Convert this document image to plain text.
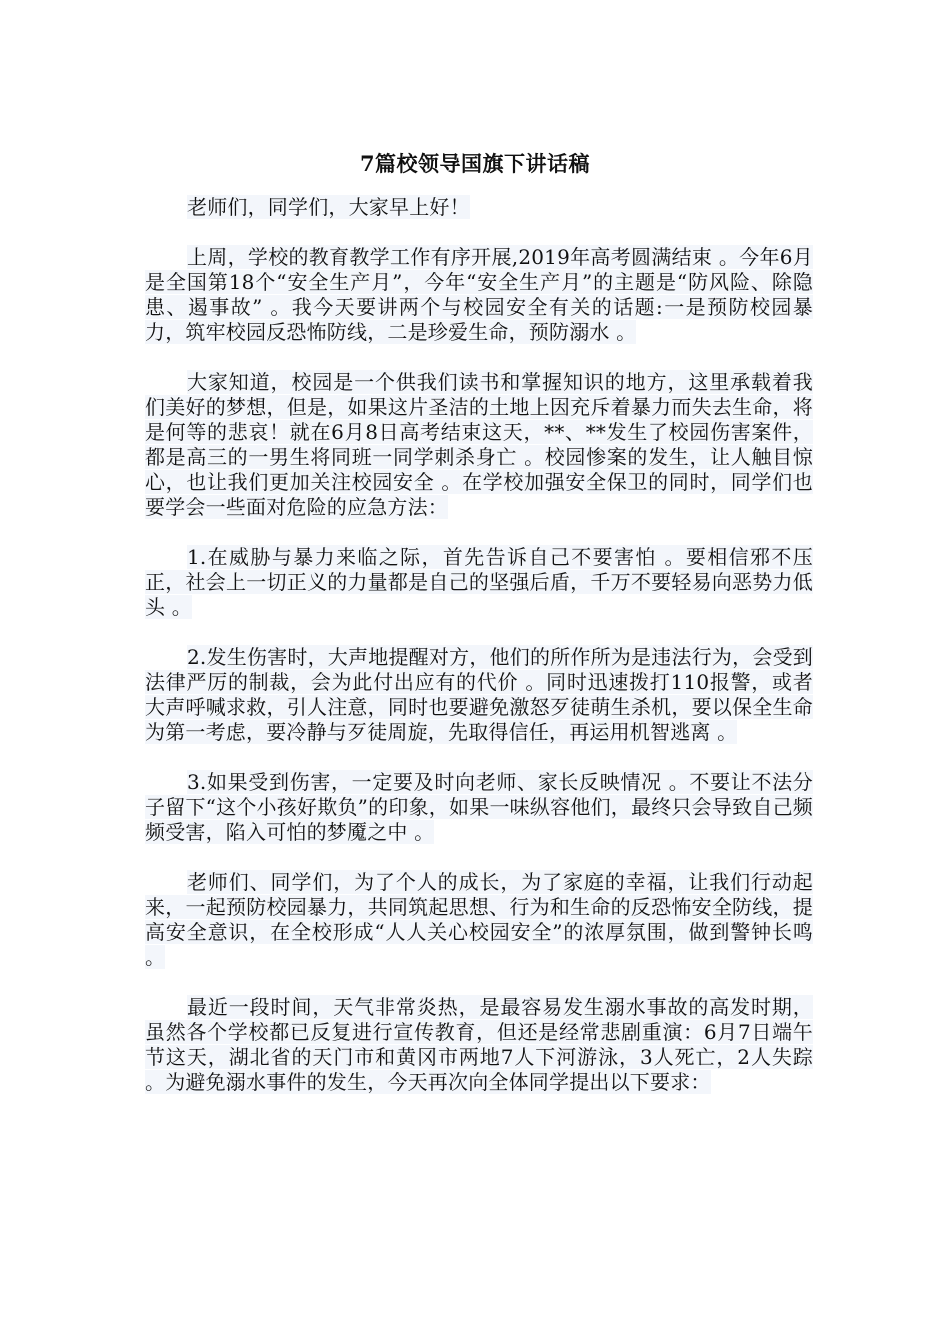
7篇校领导国旗下讲话稿

老师们，同学们，大家早上好！

上周，学校的教育教学工作有序开展,2019年高考圆满结束 。今年6月是全国第18个“安全生产月”，今年“安全生产月”的主题是“防风险、除隐患、遏事故” 。我今天要讲两个与校园安全有关的话题:一是预防校园暴力，筑牢校园反恐怖防线，二是珍爱生命，预防溺水 。

大家知道，校园是一个供我们读书和掌握知识的地方，这里承载着我们美好的梦想，但是，如果这片圣洁的土地上因充斥着暴力而失去生命，将是何等的悲哀！就在6月8日高考结束这天，**、**发生了校园伤害案件，都是高三的一男生将同班一同学刺杀身亡 。校园惨案的发生，让人触目惊心，也让我们更加关注校园安全 。在学校加强安全保卫的同时，同学们也要学会一些面对危险的应急方法：

1.在威胁与暴力来临之际，首先告诉自己不要害怕 。要相信邪不压正，社会上一切正义的力量都是自己的坚强后盾，千万不要轻易向恶势力低头 。

2.发生伤害时，大声地提醒对方，他们的所作所为是违法行为，会受到法律严厉的制裁，会为此付出应有的代价 。同时迅速拨打110报警，或者大声呼喊求救，引人注意，同时也要避免激怒歹徒萌生杀机，要以保全生命为第一考虑，要冷静与歹徒周旋，先取得信任，再运用机智逃离 。

3.如果受到伤害，一定要及时向老师、家长反映情况 。不要让不法分子留下“这个小孩好欺负”的印象，如果一味纵容他们，最终只会导致自己频频受害，陷入可怕的梦魇之中 。

老师们、同学们，为了个人的成长，为了家庭的幸福，让我们行动起来，一起预防校园暴力，共同筑起思想、行为和生命的反恐怖安全防线，提高安全意识，在全校形成“人人关心校园安全”的浓厚氛围，做到警钟长鸣 。

最近一段时间，天气非常炎热，是最容易发生溺水事故的高发时期，虽然各个学校都已反复进行宣传教育，但还是经常悲剧重演：6月7日端午节这天，湖北省的天门市和黄冈市两地7人下河游泳，3人死亡，2人失踪 。为避免溺水事件的发生，今天再次向全体同学提出以下要求：
